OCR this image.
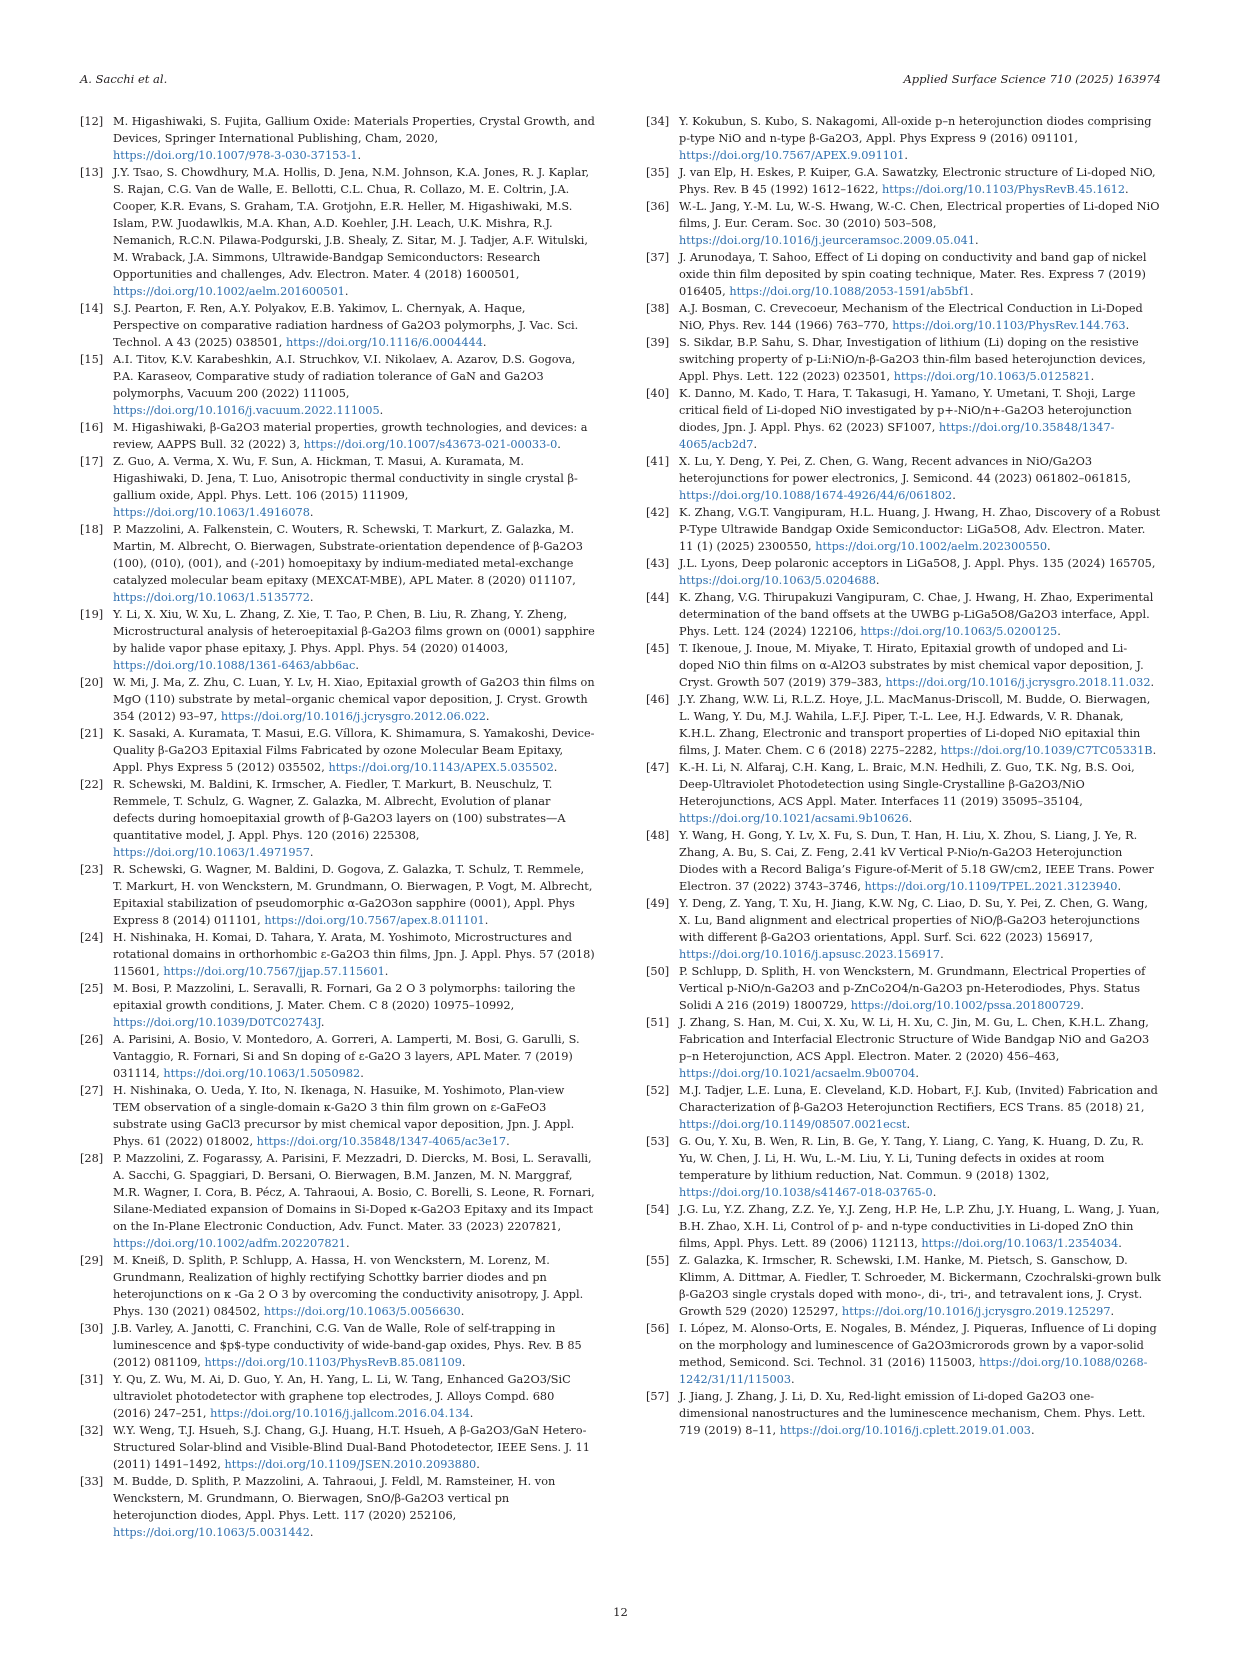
A. Sacchi et al.	Applied Surface Science 710 (2025) 163974
[12] M. Higashiwaki, S. Fujita, Gallium Oxide: Materials Properties, Crystal Growth, and Devices, Springer International Publishing, Cham, 2020, https://doi.org/10.1007/978-3-030-37153-1.
[13] J.Y. Tsao, S. Chowdhury, M.A. Hollis, D. Jena, N.M. Johnson, K.A. Jones, R. J. Kaplar, S. Rajan, C.G. Van de Walle, E. Bellotti, C.L. Chua, R. Collazo, M. E. Coltrin, J.A. Cooper, K.R. Evans, S. Graham, T.A. Grotjohn, E.R. Heller, M. Higashiwaki, M.S. Islam, P.W. Juodawlkis, M.A. Khan, A.D. Koehler, J.H. Leach, U.K. Mishra, R.J. Nemanich, R.C.N. Pilawa-Podgurski, J.B. Shealy, Z. Sitar, M. J. Tadjer, A.F. Witulski, M. Wraback, J.A. Simmons, Ultrawide-Bandgap Semiconductors: Research Opportunities and challenges, Adv. Electron. Mater. 4 (2018) 1600501, https://doi.org/10.1002/aelm.201600501.
[14] S.J. Pearton, F. Ren, A.Y. Polyakov, E.B. Yakimov, L. Chernyak, A. Haque, Perspective on comparative radiation hardness of Ga2O3 polymorphs, J. Vac. Sci. Technol. A 43 (2025) 038501, https://doi.org/10.1116/6.0004444.
[15] A.I. Titov, K.V. Karabeshkin, A.I. Struchkov, V.I. Nikolaev, A. Azarov, D.S. Gogova, P.A. Karaseov, Comparative study of radiation tolerance of GaN and Ga2O3 polymorphs, Vacuum 200 (2022) 111005, https://doi.org/10.1016/j.vacuum.2022.111005.
[16] M. Higashiwaki, β-Ga2O3 material properties, growth technologies, and devices: a review, AAPPS Bull. 32 (2022) 3, https://doi.org/10.1007/s43673-021-00033-0.
[17] Z. Guo, A. Verma, X. Wu, F. Sun, A. Hickman, T. Masui, A. Kuramata, M. Higashiwaki, D. Jena, T. Luo, Anisotropic thermal conductivity in single crystal β-gallium oxide, Appl. Phys. Lett. 106 (2015) 111909, https://doi.org/10.1063/1.4916078.
[18] P. Mazzolini, A. Falkenstein, C. Wouters, R. Schewski, T. Markurt, Z. Galazka, M. Martin, M. Albrecht, O. Bierwagen, Substrate-orientation dependence of β-Ga2O3 (100), (010), (001), and (-201) homoepitaxy by indium-mediated metal-exchange catalyzed molecular beam epitaxy (MEXCAT-MBE), APL Mater. 8 (2020) 011107, https://doi.org/10.1063/1.5135772.
[19] Y. Li, X. Xiu, W. Xu, L. Zhang, Z. Xie, T. Tao, P. Chen, B. Liu, R. Zhang, Y. Zheng, Microstructural analysis of heteroepitaxial β-Ga2O3 films grown on (0001) sapphire by halide vapor phase epitaxy, J. Phys. Appl. Phys. 54 (2020) 014003, https://doi.org/10.1088/1361-6463/abb6ac.
[20] W. Mi, J. Ma, Z. Zhu, C. Luan, Y. Lv, H. Xiao, Epitaxial growth of Ga2O3 thin films on MgO (110) substrate by metal–organic chemical vapor deposition, J. Cryst. Growth 354 (2012) 93–97, https://doi.org/10.1016/j.jcrysgro.2012.06.022.
[21] K. Sasaki, A. Kuramata, T. Masui, E.G. Víllora, K. Shimamura, S. Yamakoshi, Device-Quality β-Ga2O3 Epitaxial Films Fabricated by ozone Molecular Beam Epitaxy, Appl. Phys Express 5 (2012) 035502, https://doi.org/10.1143/APEX.5.035502.
[22] R. Schewski, M. Baldini, K. Irmscher, A. Fiedler, T. Markurt, B. Neuschulz, T. Remmele, T. Schulz, G. Wagner, Z. Galazka, M. Albrecht, Evolution of planar defects during homoepitaxial growth of β-Ga2O3 layers on (100) substrates—A quantitative model, J. Appl. Phys. 120 (2016) 225308, https://doi.org/10.1063/1.4971957.
[23] R. Schewski, G. Wagner, M. Baldini, D. Gogova, Z. Galazka, T. Schulz, T. Remmele, T. Markurt, H. von Wenckstern, M. Grundmann, O. Bierwagen, P. Vogt, M. Albrecht, Epitaxial stabilization of pseudomorphic α-Ga2O3on sapphire (0001), Appl. Phys Express 8 (2014) 011101, https://doi.org/10.7567/apex.8.011101.
[24] H. Nishinaka, H. Komai, D. Tahara, Y. Arata, M. Yoshimoto, Microstructures and rotational domains in orthorhombic ε-Ga2O3 thin films, Jpn. J. Appl. Phys. 57 (2018) 115601, https://doi.org/10.7567/jjap.57.115601.
[25] M. Bosi, P. Mazzolini, L. Seravalli, R. Fornari, Ga 2 O 3 polymorphs: tailoring the epitaxial growth conditions, J. Mater. Chem. C 8 (2020) 10975–10992, https://doi.org/10.1039/D0TC02743J.
[26] A. Parisini, A. Bosio, V. Montedoro, A. Gorreri, A. Lamperti, M. Bosi, G. Garulli, S. Vantaggio, R. Fornari, Si and Sn doping of ε-Ga2O 3 layers, APL Mater. 7 (2019) 031114, https://doi.org/10.1063/1.5050982.
[27] H. Nishinaka, O. Ueda, Y. Ito, N. Ikenaga, N. Hasuike, M. Yoshimoto, Plan-view TEM observation of a single-domain κ-Ga2O 3 thin film grown on ε-GaFeO3 substrate using GaCl3 precursor by mist chemical vapor deposition, Jpn. J. Appl. Phys. 61 (2022) 018002, https://doi.org/10.35848/1347-4065/ac3e17.
[28] P. Mazzolini, Z. Fogarassy, A. Parisini, F. Mezzadri, D. Diercks, M. Bosi, L. Seravalli, A. Sacchi, G. Spaggiari, D. Bersani, O. Bierwagen, B.M. Janzen, M. N. Marggraf, M.R. Wagner, I. Cora, B. Pécz, A. Tahraoui, A. Bosio, C. Borelli, S. Leone, R. Fornari, Silane-Mediated expansion of Domains in Si-Doped κ-Ga2O3 Epitaxy and its Impact on the In-Plane Electronic Conduction, Adv. Funct. Mater. 33 (2023) 2207821, https://doi.org/10.1002/adfm.202207821.
[29] M. Kneiß, D. Splith, P. Schlupp, A. Hassa, H. von Wenckstern, M. Lorenz, M. Grundmann, Realization of highly rectifying Schottky barrier diodes and pn heterojunctions on κ -Ga 2 O 3 by overcoming the conductivity anisotropy, J. Appl. Phys. 130 (2021) 084502, https://doi.org/10.1063/5.0056630.
[30] J.B. Varley, A. Janotti, C. Franchini, C.G. Van de Walle, Role of self-trapping in luminescence and $p$-type conductivity of wide-band-gap oxides, Phys. Rev. B 85 (2012) 081109, https://doi.org/10.1103/PhysRevB.85.081109.
[31] Y. Qu, Z. Wu, M. Ai, D. Guo, Y. An, H. Yang, L. Li, W. Tang, Enhanced Ga2O3/SiC ultraviolet photodetector with graphene top electrodes, J. Alloys Compd. 680 (2016) 247–251, https://doi.org/10.1016/j.jallcom.2016.04.134.
[32] W.Y. Weng, T.J. Hsueh, S.J. Chang, G.J. Huang, H.T. Hsueh, A β-Ga2O3/GaN Hetero-Structured Solar-blind and Visible-Blind Dual-Band Photodetector, IEEE Sens. J. 11 (2011) 1491–1492, https://doi.org/10.1109/JSEN.2010.2093880.
[33] M. Budde, D. Splith, P. Mazzolini, A. Tahraoui, J. Feldl, M. Ramsteiner, H. von Wenckstern, M. Grundmann, O. Bierwagen, SnO/β-Ga2O3 vertical pn heterojunction diodes, Appl. Phys. Lett. 117 (2020) 252106, https://doi.org/10.1063/5.0031442.
[34] Y. Kokubun, S. Kubo, S. Nakagomi, All-oxide p–n heterojunction diodes comprising p-type NiO and n-type β-Ga2O3, Appl. Phys Express 9 (2016) 091101, https://doi.org/10.7567/APEX.9.091101.
[35] J. van Elp, H. Eskes, P. Kuiper, G.A. Sawatzky, Electronic structure of Li-doped NiO, Phys. Rev. B 45 (1992) 1612–1622, https://doi.org/10.1103/PhysRevB.45.1612.
[36] W.-L. Jang, Y.-M. Lu, W.-S. Hwang, W.-C. Chen, Electrical properties of Li-doped NiO films, J. Eur. Ceram. Soc. 30 (2010) 503–508, https://doi.org/10.1016/j.jeurceramsoc.2009.05.041.
[37] J. Arunodaya, T. Sahoo, Effect of Li doping on conductivity and band gap of nickel oxide thin film deposited by spin coating technique, Mater. Res. Express 7 (2019) 016405, https://doi.org/10.1088/2053-1591/ab5bf1.
[38] A.J. Bosman, C. Crevecoeur, Mechanism of the Electrical Conduction in Li-Doped NiO, Phys. Rev. 144 (1966) 763–770, https://doi.org/10.1103/PhysRev.144.763.
[39] S. Sikdar, B.P. Sahu, S. Dhar, Investigation of lithium (Li) doping on the resistive switching property of p-Li:NiO/n-β-Ga2O3 thin-film based heterojunction devices, Appl. Phys. Lett. 122 (2023) 023501, https://doi.org/10.1063/5.0125821.
[40] K. Danno, M. Kado, T. Hara, T. Takasugi, H. Yamano, Y. Umetani, T. Shoji, Large critical field of Li-doped NiO investigated by p+-NiO/n+-Ga2O3 heterojunction diodes, Jpn. J. Appl. Phys. 62 (2023) SF1007, https://doi.org/10.35848/1347-4065/acb2d7.
[41] X. Lu, Y. Deng, Y. Pei, Z. Chen, G. Wang, Recent advances in NiO/Ga2O3 heterojunctions for power electronics, J. Semicond. 44 (2023) 061802–061815, https://doi.org/10.1088/1674-4926/44/6/061802.
[42] K. Zhang, V.G.T. Vangipuram, H.L. Huang, J. Hwang, H. Zhao, Discovery of a Robust P-Type Ultrawide Bandgap Oxide Semiconductor: LiGa5O8, Adv. Electron. Mater. 11 (1) (2025) 2300550, https://doi.org/10.1002/aelm.202300550.
[43] J.L. Lyons, Deep polaronic acceptors in LiGa5O8, J. Appl. Phys. 135 (2024) 165705, https://doi.org/10.1063/5.0204688.
[44] K. Zhang, V.G. Thirupakuzi Vangipuram, C. Chae, J. Hwang, H. Zhao, Experimental determination of the band offsets at the UWBG p-LiGa5O8/Ga2O3 interface, Appl. Phys. Lett. 124 (2024) 122106, https://doi.org/10.1063/5.0200125.
[45] T. Ikenoue, J. Inoue, M. Miyake, T. Hirato, Epitaxial growth of undoped and Li-doped NiO thin films on α-Al2O3 substrates by mist chemical vapor deposition, J. Cryst. Growth 507 (2019) 379–383, https://doi.org/10.1016/j.jcrysgro.2018.11.032.
[46] J.Y. Zhang, W.W. Li, R.L.Z. Hoye, J.L. MacManus-Driscoll, M. Budde, O. Bierwagen, L. Wang, Y. Du, M.J. Wahila, L.F.J. Piper, T.-L. Lee, H.J. Edwards, V. R. Dhanak, K.H.L. Zhang, Electronic and transport properties of Li-doped NiO epitaxial thin films, J. Mater. Chem. C 6 (2018) 2275–2282, https://doi.org/10.1039/C7TC05331B.
[47] K.-H. Li, N. Alfaraj, C.H. Kang, L. Braic, M.N. Hedhili, Z. Guo, T.K. Ng, B.S. Ooi, Deep-Ultraviolet Photodetection using Single-Crystalline β-Ga2O3/NiO Heterojunctions, ACS Appl. Mater. Interfaces 11 (2019) 35095–35104, https://doi.org/10.1021/acsami.9b10626.
[48] Y. Wang, H. Gong, Y. Lv, X. Fu, S. Dun, T. Han, H. Liu, X. Zhou, S. Liang, J. Ye, R. Zhang, A. Bu, S. Cai, Z. Feng, 2.41 kV Vertical P-Nio/n-Ga2O3 Heterojunction Diodes with a Record Baliga’s Figure-of-Merit of 5.18 GW/cm2, IEEE Trans. Power Electron. 37 (2022) 3743–3746, https://doi.org/10.1109/TPEL.2021.3123940.
[49] Y. Deng, Z. Yang, T. Xu, H. Jiang, K.W. Ng, C. Liao, D. Su, Y. Pei, Z. Chen, G. Wang, X. Lu, Band alignment and electrical properties of NiO/β-Ga2O3 heterojunctions with different β-Ga2O3 orientations, Appl. Surf. Sci. 622 (2023) 156917, https://doi.org/10.1016/j.apsusc.2023.156917.
[50] P. Schlupp, D. Splith, H. von Wenckstern, M. Grundmann, Electrical Properties of Vertical p-NiO/n-Ga2O3 and p-ZnCo2O4/n-Ga2O3 pn-Heterodiodes, Phys. Status Solidi A 216 (2019) 1800729, https://doi.org/10.1002/pssa.201800729.
[51] J. Zhang, S. Han, M. Cui, X. Xu, W. Li, H. Xu, C. Jin, M. Gu, L. Chen, K.H.L. Zhang, Fabrication and Interfacial Electronic Structure of Wide Bandgap NiO and Ga2O3 p–n Heterojunction, ACS Appl. Electron. Mater. 2 (2020) 456–463, https://doi.org/10.1021/acsaelm.9b00704.
[52] M.J. Tadjer, L.E. Luna, E. Cleveland, K.D. Hobart, F.J. Kub, (Invited) Fabrication and Characterization of β-Ga2O3 Heterojunction Rectifiers, ECS Trans. 85 (2018) 21, https://doi.org/10.1149/08507.0021ecst.
[53] G. Ou, Y. Xu, B. Wen, R. Lin, B. Ge, Y. Tang, Y. Liang, C. Yang, K. Huang, D. Zu, R. Yu, W. Chen, J. Li, H. Wu, L.-M. Liu, Y. Li, Tuning defects in oxides at room temperature by lithium reduction, Nat. Commun. 9 (2018) 1302, https://doi.org/10.1038/s41467-018-03765-0.
[54] J.G. Lu, Y.Z. Zhang, Z.Z. Ye, Y.J. Zeng, H.P. He, L.P. Zhu, J.Y. Huang, L. Wang, J. Yuan, B.H. Zhao, X.H. Li, Control of p- and n-type conductivities in Li-doped ZnO thin films, Appl. Phys. Lett. 89 (2006) 112113, https://doi.org/10.1063/1.2354034.
[55] Z. Galazka, K. Irmscher, R. Schewski, I.M. Hanke, M. Pietsch, S. Ganschow, D. Klimm, A. Dittmar, A. Fiedler, T. Schroeder, M. Bickermann, Czochralski-grown bulk β-Ga2O3 single crystals doped with mono-, di-, tri-, and tetravalent ions, J. Cryst. Growth 529 (2020) 125297, https://doi.org/10.1016/j.jcrysgro.2019.125297.
[56] I. López, M. Alonso-Orts, E. Nogales, B. Méndez, J. Piqueras, Influence of Li doping on the morphology and luminescence of Ga2O3microrods grown by a vapor-solid method, Semicond. Sci. Technol. 31 (2016) 115003, https://doi.org/10.1088/0268-1242/31/11/115003.
[57] J. Jiang, J. Zhang, J. Li, D. Xu, Red-light emission of Li-doped Ga2O3 one-dimensional nanostructures and the luminescence mechanism, Chem. Phys. Lett. 719 (2019) 8–11, https://doi.org/10.1016/j.cplett.2019.01.003.
12
